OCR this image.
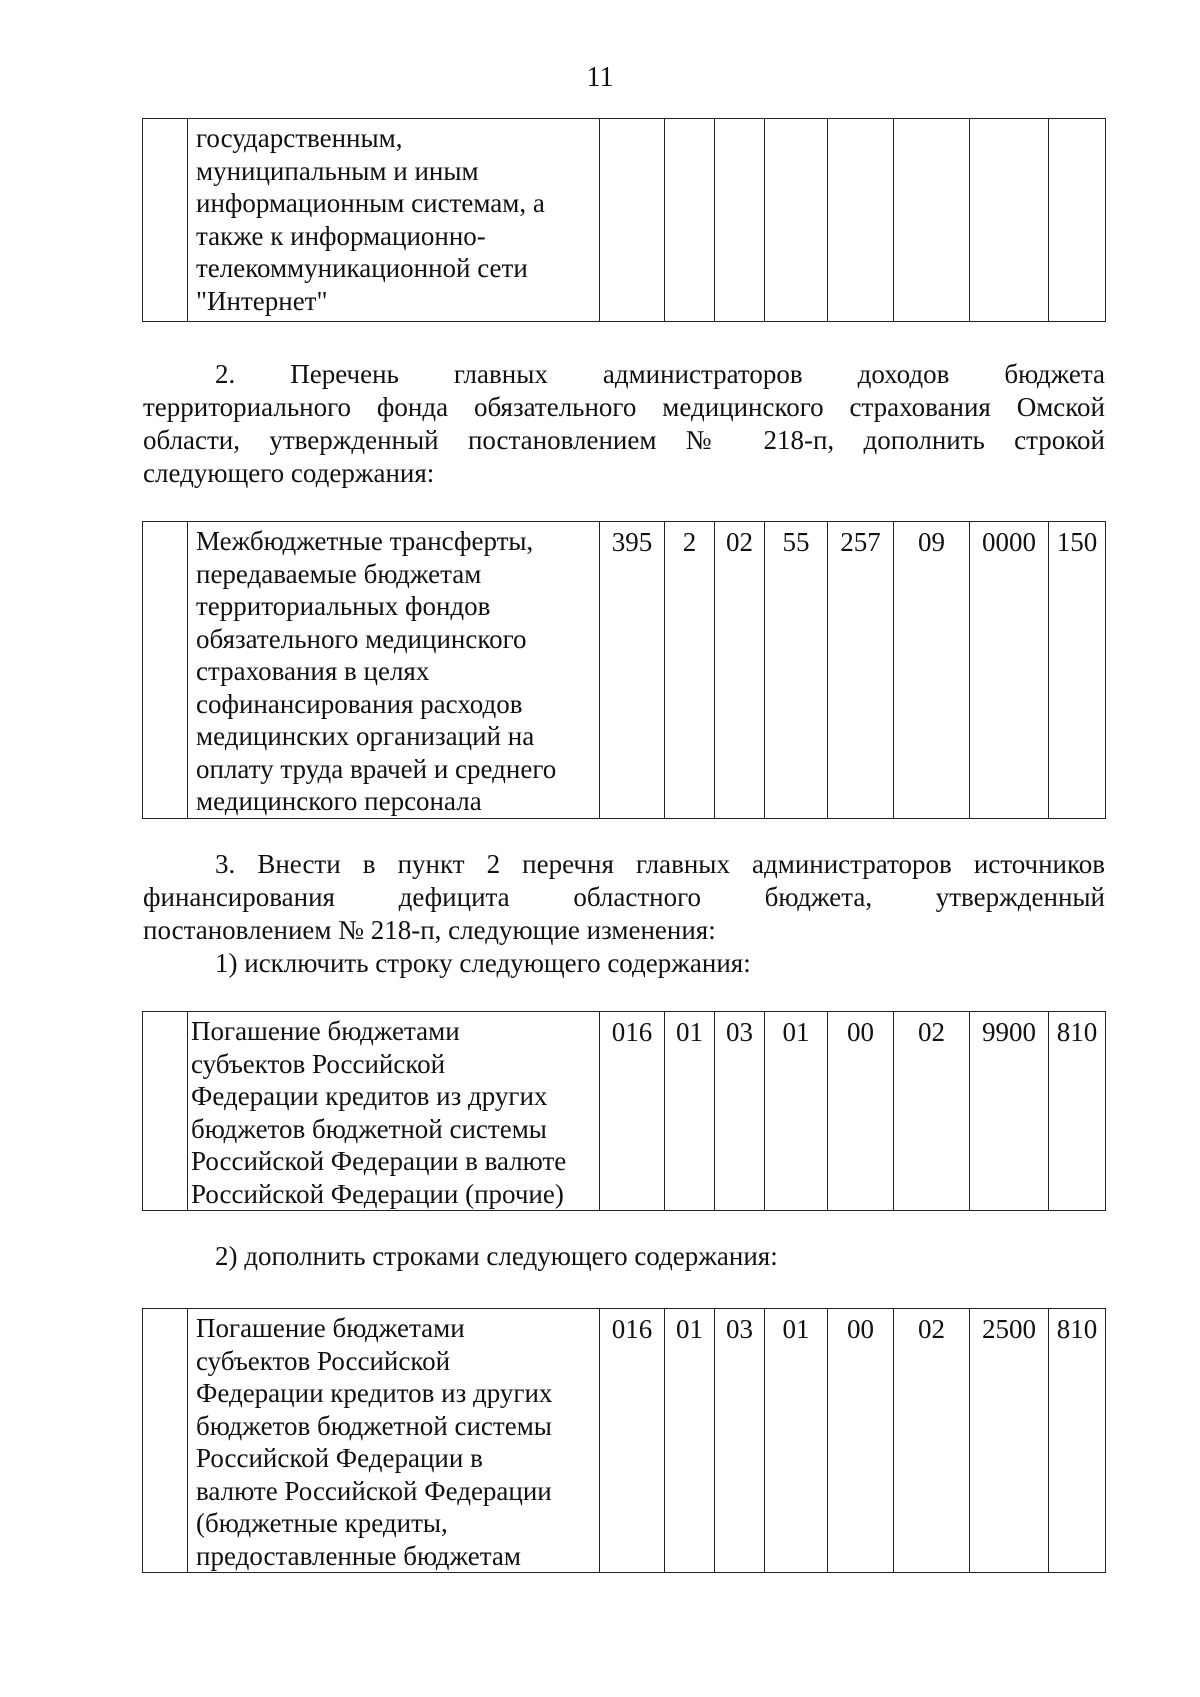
11

государственным,
муниципальным и иным
информационным системам, а
также к информационно-
телекоммуникационной сети
"Интернет"

2. Перечень главных администраторов доходов бюджета
территориального фонда обязательного медицинского страхования Омской
области, утвержденный постановлением № 218-п, дополнить строкой
следующего содержания:

Межбюджетные трансферты,
передаваемые бюджетам
территориальных фондов
обязательного медицинского
страхования в целях
софинансирования расходов
медицинских организаций на
оплату труда врачей и среднего
медицинского персонала
	395	2	02	55	257	09	0000	150
3. Внести в пункт 2 перечня главных администраторов источников
финансирования дефицита областного бюджета, утвержденный
постановлением № 218-п, следующие изменения:
1) исключить строку следующего содержания:

Погашение бюджетами
субъектов Российской
Федерации кредитов из других
бюджетов бюджетной системы
Российской Федерации в валюте
Российской Федерации (прочие)
	016	01	03	01	00	02	9900	810
2) дополнить строками следующего содержания:

Погашение бюджетами
субъектов Российской
Федерации кредитов из других
бюджетов бюджетной системы
Российской Федерации в
валюте Российской Федерации
(бюджетные кредиты,
предоставленные бюджетам
	016	01	03	01	00	02	2500	810
